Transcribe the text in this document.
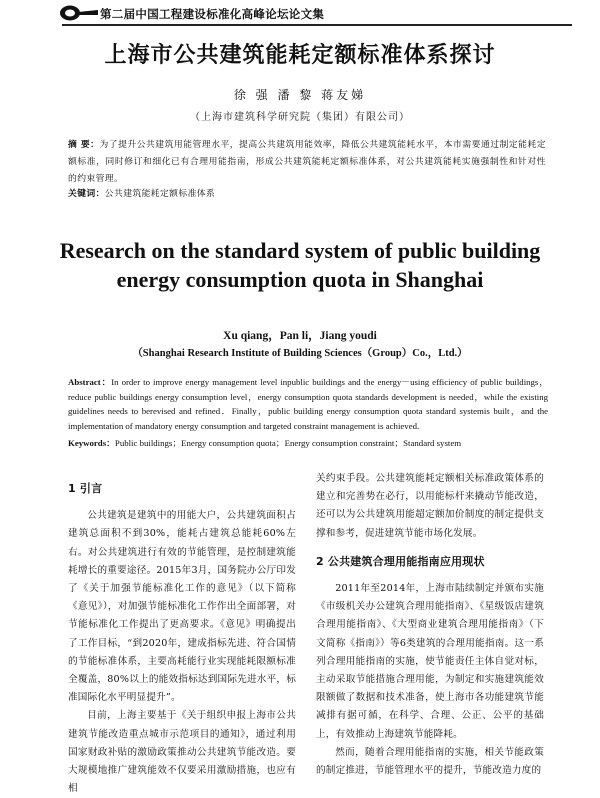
第二届中国工程建设标准化高峰论坛论文集
上海市公共建筑能耗定额标准体系探讨
徐 强 潘 黎 蒋友娣
（上海市建筑科学研究院（集团）有限公司）
摘 要：为了提升公共建筑用能管理水平，提高公共建筑用能效率，降低公共建筑能耗水平，本市需要通过制定能耗定额标准，同时修订和细化已有合理用能指南，形成公共建筑能耗定额标准体系，对公共建筑能耗实施强制性和针对性的约束管理。
关键词：公共建筑能耗定额标准体系
Research on the standard system of public building
energy consumption quota in Shanghai
Xu qiang，Pan li，Jiang youdi
（Shanghai Research Institute of Building Sciences（Group）Co.，Ltd.）
Abstract：In order to improve energy management level inpublic buildings and the energy－using efficiency of public buildings，reduce public buildings energy consumption level，energy consumption quota standards development is needed，while the existing guidelines needs to berevised and refined．Finally，public building energy consumption quota standard systemis built，and the implementation of mandatory energy consumption and targeted constraint management is achieved.
Keywords：Public buildings；Energy consumption quota；Energy consumption constraint；Standard system
1 引言

公共建筑是建筑中的用能大户，公共建筑面积占建筑总面积不到30%，能耗占建筑总能耗60%左右。对公共建筑进行有效的节能管理，是控制建筑能耗增长的重要途径。2015年3月，国务院办公厅印发了《关于加强节能标准化工作的意见》（以下简称《意见》），对加强节能标准化工作作出全面部署，对节能标准化工作提出了更高要求。《意见》明确提出了工作目标，“到2020年，建成指标先进、符合国情的节能标准体系，主要高耗能行业实现能耗限额标准全覆盖，80%以上的能效指标达到国际先进水平，标准国际化水平明显提升”。

目前，上海主要基于《关于组织申报上海市公共建筑节能改造重点城市示范项目的通知》，通过利用国家财政补贴的激励政策推动公共建筑节能改造。要大规模地推广建筑能效不仅要采用激励措施，也应有相

关约束手段。公共建筑能耗定额相关标准政策体系的建立和完善势在必行，以用能标杆来撬动节能改造，还可以为公共建筑用能超定额加价制度的制定提供支撑和参考，促进建筑节能市场化发展。

2 公共建筑合理用能指南应用现状

2011年至2014年，上海市陆续制定并颁布实施《市级机关办公建筑合理用能指南》、《星级饭店建筑合理用能指南》、《大型商业建筑合理用能指南》（下文简称《指南》）等6类建筑的合理用能指南。这一系列合理用能指南的实施，使节能责任主体自觉对标，主动采取节能措施合理用能，为制定和实施建筑能效限额做了数据和技术准备，使上海市各功能建筑节能减排有据可循，在科学、合理、公正、公平的基础上，有效推动上海建筑节能降耗。

然而，随着合理用能指南的实施，相关节能政策的制定推进，节能管理水平的提升，节能改造力度的
